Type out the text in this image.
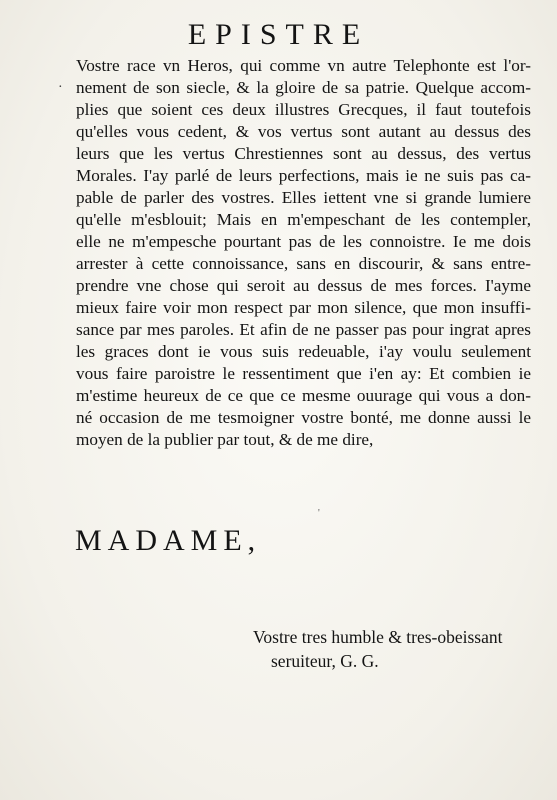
EPISTRE
·
Vostre race vn Heros, qui comme vn autre Telephonte est l'or-
nement de son siecle, & la gloire de sa patrie. Quelque accom-
plies que soient ces deux illustres Grecques, il faut toutefois
qu'elles vous cedent, & vos vertus sont autant au dessus des
leurs que les vertus Chrestiennes sont au dessus, des vertus
Morales. I'ay parlé de leurs perfections, mais ie ne suis pas ca-
pable de parler des vostres. Elles iettent vne si grande lumiere
qu'elle m'esblouit; Mais en m'empeschant de les contempler,
elle ne m'empesche pourtant pas de les connoistre. Ie me dois
arrester à cette connoissance, sans en discourir, & sans entre-
prendre vne chose qui seroit au dessus de mes forces. I'ayme
mieux faire voir mon respect par mon silence, que mon insuffi-
sance par mes paroles. Et afin de ne passer pas pour ingrat apres
les graces dont ie vous suis redeuable, i'ay voulu seulement
vous faire paroistre le ressentiment que i'en ay: Et combien ie
m'estime heureux de ce que ce mesme ouurage qui vous a don-
né occasion de me tesmoigner vostre bonté, me donne aussi le
moyen de la publier par tout, & de me dire,
'
MADAME,
Vostre tres humble & tres-obeissant
seruiteur, G. G.
